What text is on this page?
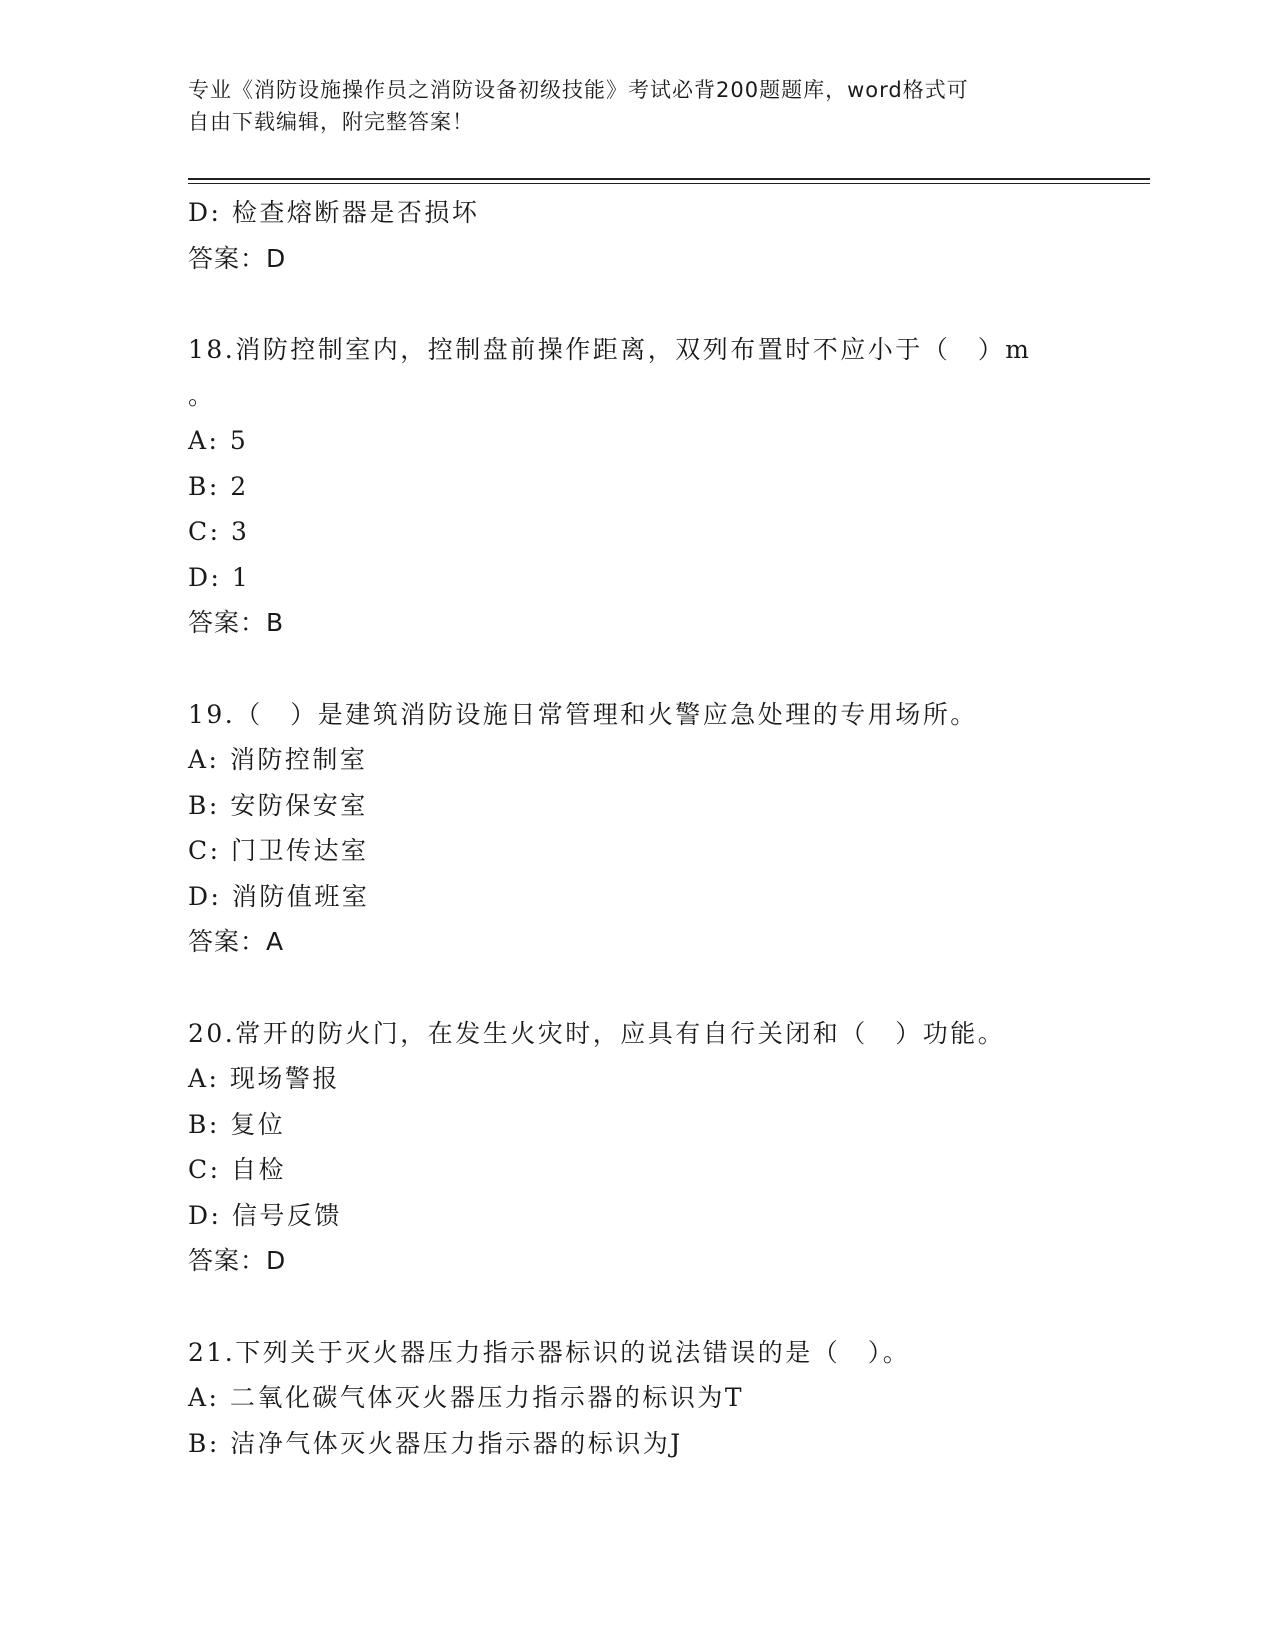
专业《消防设施操作员之消防设备初级技能》考试必背200题题库，word格式可
自由下载编辑，附完整答案！
D: 检查熔断器是否损坏
答案：D
18.消防控制室内，控制盘前操作距离，双列布置时不应小于（　）m
。
A: 5
B: 2
C: 3
D: 1
答案：B
19.（　）是建筑消防设施日常管理和火警应急处理的专用场所。
A: 消防控制室
B: 安防保安室
C: 门卫传达室
D: 消防值班室
答案：A
20.常开的防火门，在发生火灾时，应具有自行关闭和（　）功能。
A: 现场警报
B: 复位
C: 自检
D: 信号反馈
答案：D
21.下列关于灭火器压力指示器标识的说法错误的是（　）。
A: 二氧化碳气体灭火器压力指示器的标识为T
B: 洁净气体灭火器压力指示器的标识为J
